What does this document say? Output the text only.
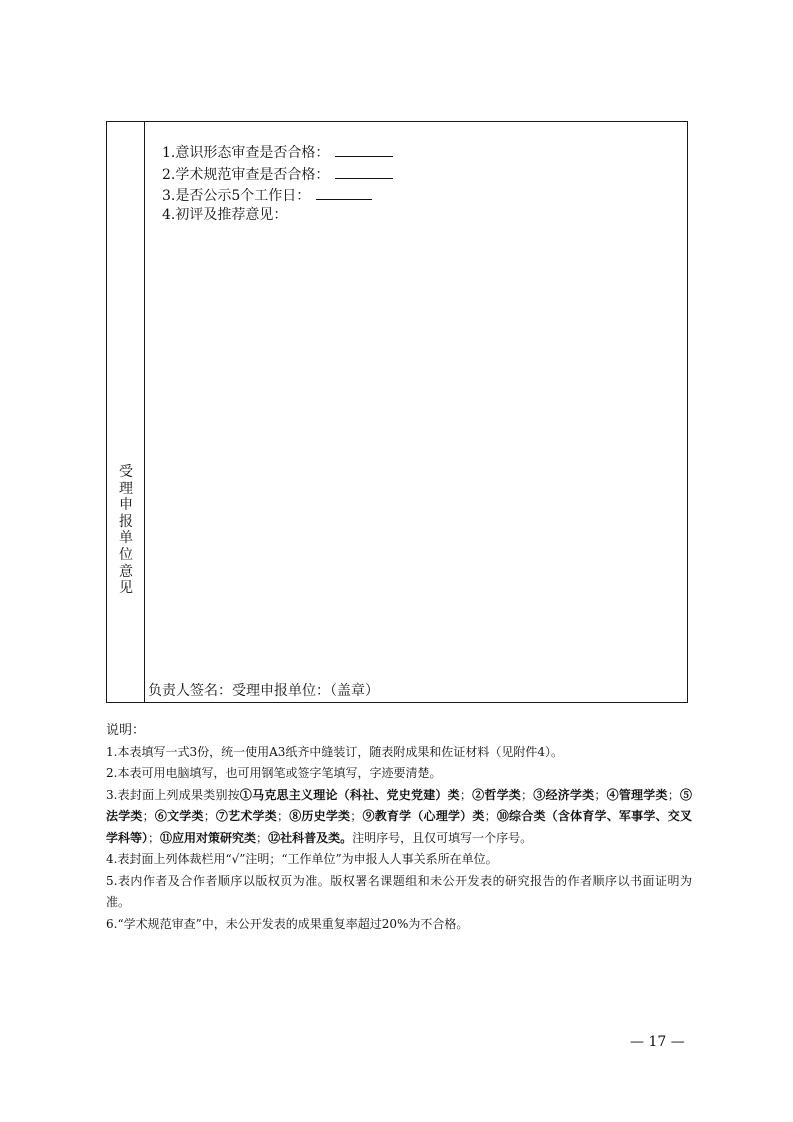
受理申报单位意见
1.意识形态审查是否合格：
2.学术规范审查是否合格：
3.是否公示5个工作日：
4.初评及推荐意见：
负责人签名：受理申报单位：（盖章）
说明：

1.本表填写一式3份，统一使用A3纸齐中缝装订，随表附成果和佐证材料（见附件4）。

2.本表可用电脑填写，也可用钢笔或签字笔填写，字迹要清楚。

3.表封面上列成果类别按①马克思主义理论（科社、党史党建）类；②哲学类；③经济学类；④管理学类；⑤法学类；⑥文学类；⑦艺术学类；⑧历史学类；⑨教育学（心理学）类；⑩综合类（含体育学、军事学、交叉学科等）；⑪应用对策研究类；⑫社科普及类。注明序号，且仅可填写一个序号。

4.表封面上列体裁栏用“√”注明；“工作单位”为申报人人事关系所在单位。

5.表内作者及合作者顺序以版权页为准。版权署名课题组和未公开发表的研究报告的作者顺序以书面证明为准。

6.“学术规范审查”中，未公开发表的成果重复率超过20%为不合格。

— 17 —
